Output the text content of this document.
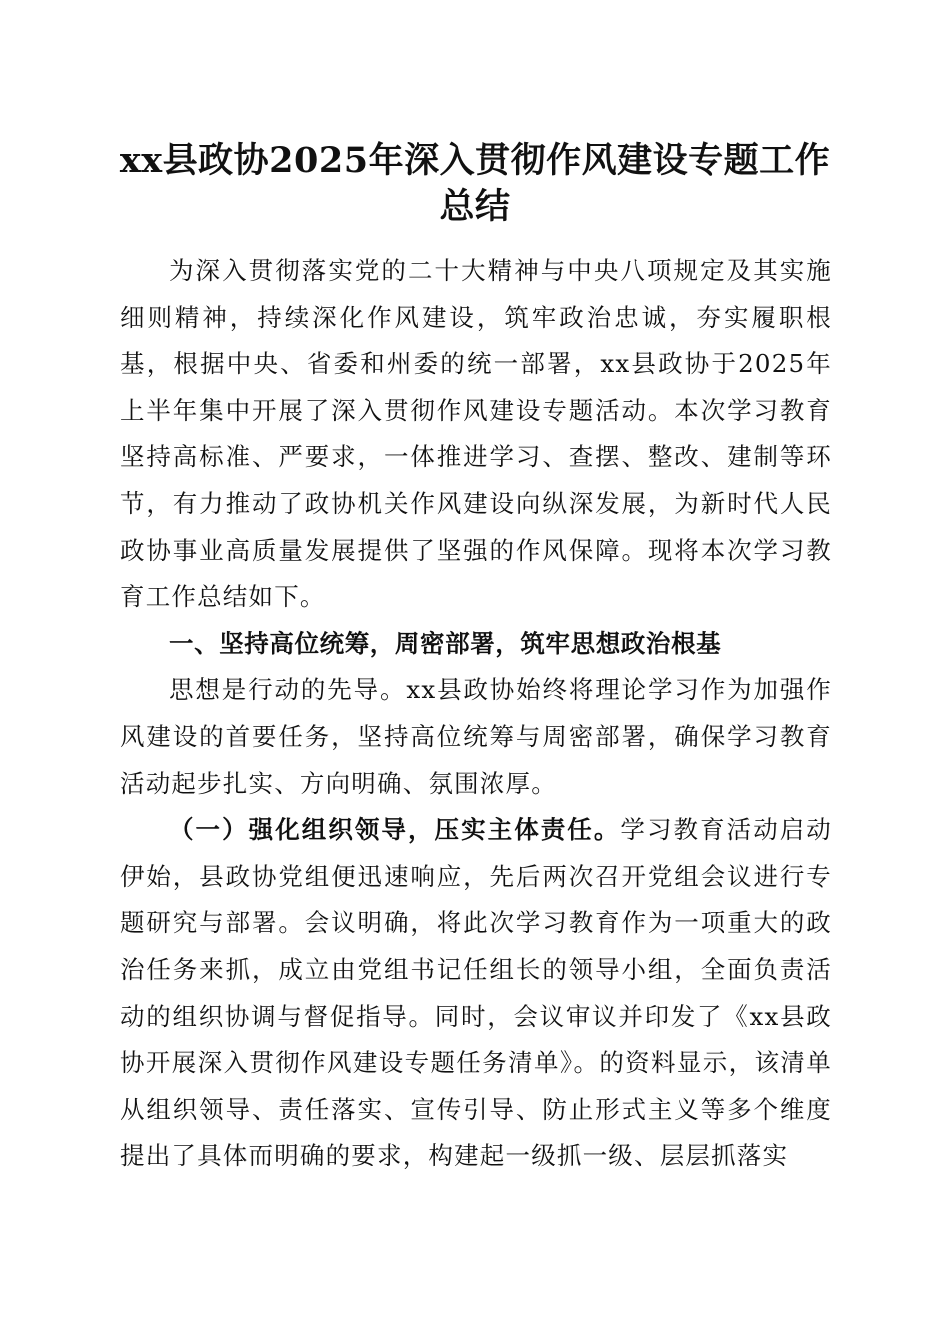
xx县政协2025年深入贯彻作风建设专题工作
总结

为深入贯彻落实党的二十大精神与中央八项规定及其实施细则精神，持续深化作风建设，筑牢政治忠诚，夯实履职根基，根据中央、省委和州委的统一部署，xx县政协于2025年上半年集中开展了深入贯彻作风建设专题活动。本次学习教育坚持高标准、严要求，一体推进学习、查摆、整改、建制等环节，有力推动了政协机关作风建设向纵深发展，为新时代人民政协事业高质量发展提供了坚强的作风保障。现将本次学习教育工作总结如下。

一、坚持高位统筹，周密部署，筑牢思想政治根基

思想是行动的先导。xx县政协始终将理论学习作为加强作风建设的首要任务，坚持高位统筹与周密部署，确保学习教育活动起步扎实、方向明确、氛围浓厚。

（一）强化组织领导，压实主体责任。学习教育活动启动伊始，县政协党组便迅速响应，先后两次召开党组会议进行专题研究与部署。会议明确，将此次学习教育作为一项重大的政治任务来抓，成立由党组书记任组长的领导小组，全面负责活动的组织协调与督促指导。同时，会议审议并印发了《xx县政协开展深入贯彻作风建设专题任务清单》。的资料显示，该清单从组织领导、责任落实、宣传引导、防止形式主义等多个维度提出了具体而明确的要求，构建起一级抓一级、层层抓落实
